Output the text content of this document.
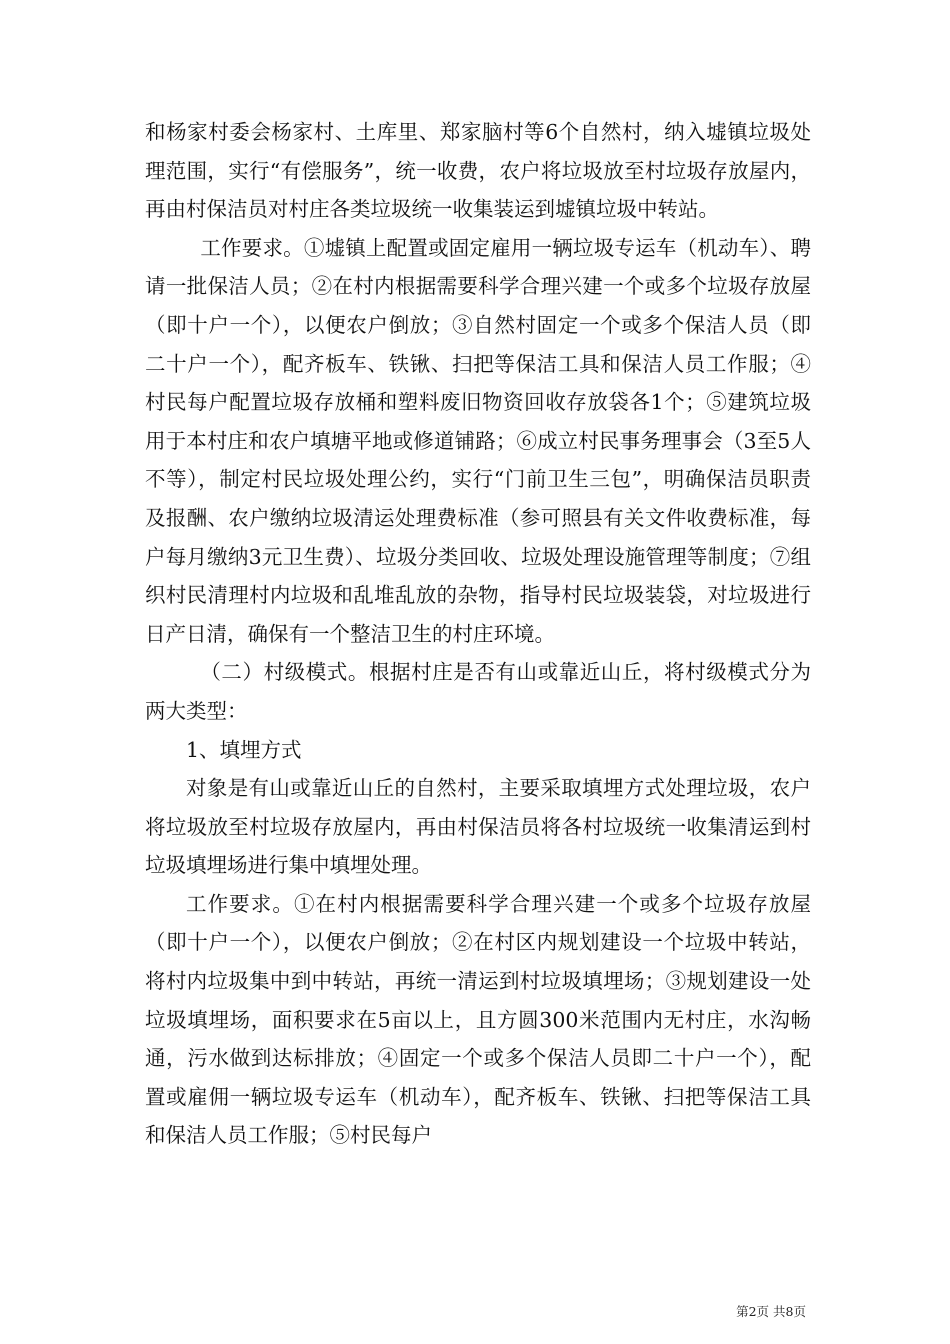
和杨家村委会杨家村、土库里、郑家脑村等6个自然村，纳入墟镇垃圾处理范围，实行“有偿服务”，统一收费，农户将垃圾放至村垃圾存放屋内，再由村保洁员对村庄各类垃圾统一收集装运到墟镇垃圾中转站。

工作要求。①墟镇上配置或固定雇用一辆垃圾专运车（机动车）、聘请一批保洁人员；②在村内根据需要科学合理兴建一个或多个垃圾存放屋（即十户一个），以便农户倒放；③自然村固定一个或多个保洁人员（即二十户一个），配齐板车、铁锹、扫把等保洁工具和保洁人员工作服；④村民每户配置垃圾存放桶和塑料废旧物资回收存放袋各1个；⑤建筑垃圾用于本村庄和农户填塘平地或修道铺路；⑥成立村民事务理事会（3至5人不等），制定村民垃圾处理公约，实行“门前卫生三包”，明确保洁员职责及报酬、农户缴纳垃圾清运处理费标准（参可照县有关文件收费标准，每户每月缴纳3元卫生费）、垃圾分类回收、垃圾处理设施管理等制度；⑦组织村民清理村内垃圾和乱堆乱放的杂物，指导村民垃圾装袋，对垃圾进行日产日清，确保有一个整洁卫生的村庄环境。

（二）村级模式。根据村庄是否有山或靠近山丘，将村级模式分为两大类型：

1、填埋方式

对象是有山或靠近山丘的自然村，主要采取填埋方式处理垃圾，农户将垃圾放至村垃圾存放屋内，再由村保洁员将各村垃圾统一收集清运到村垃圾填埋场进行集中填埋处理。

工作要求。①在村内根据需要科学合理兴建一个或多个垃圾存放屋（即十户一个），以便农户倒放；②在村区内规划建设一个垃圾中转站，将村内垃圾集中到中转站，再统一清运到村垃圾填埋场；③规划建设一处垃圾填埋场，面积要求在5亩以上，且方圆300米范围内无村庄，水沟畅通，污水做到达标排放；④固定一个或多个保洁人员即二十户一个），配置或雇佣一辆垃圾专运车（机动车），配齐板车、铁锹、扫把等保洁工具和保洁人员工作服；⑤村民每户

第2页 共8页
